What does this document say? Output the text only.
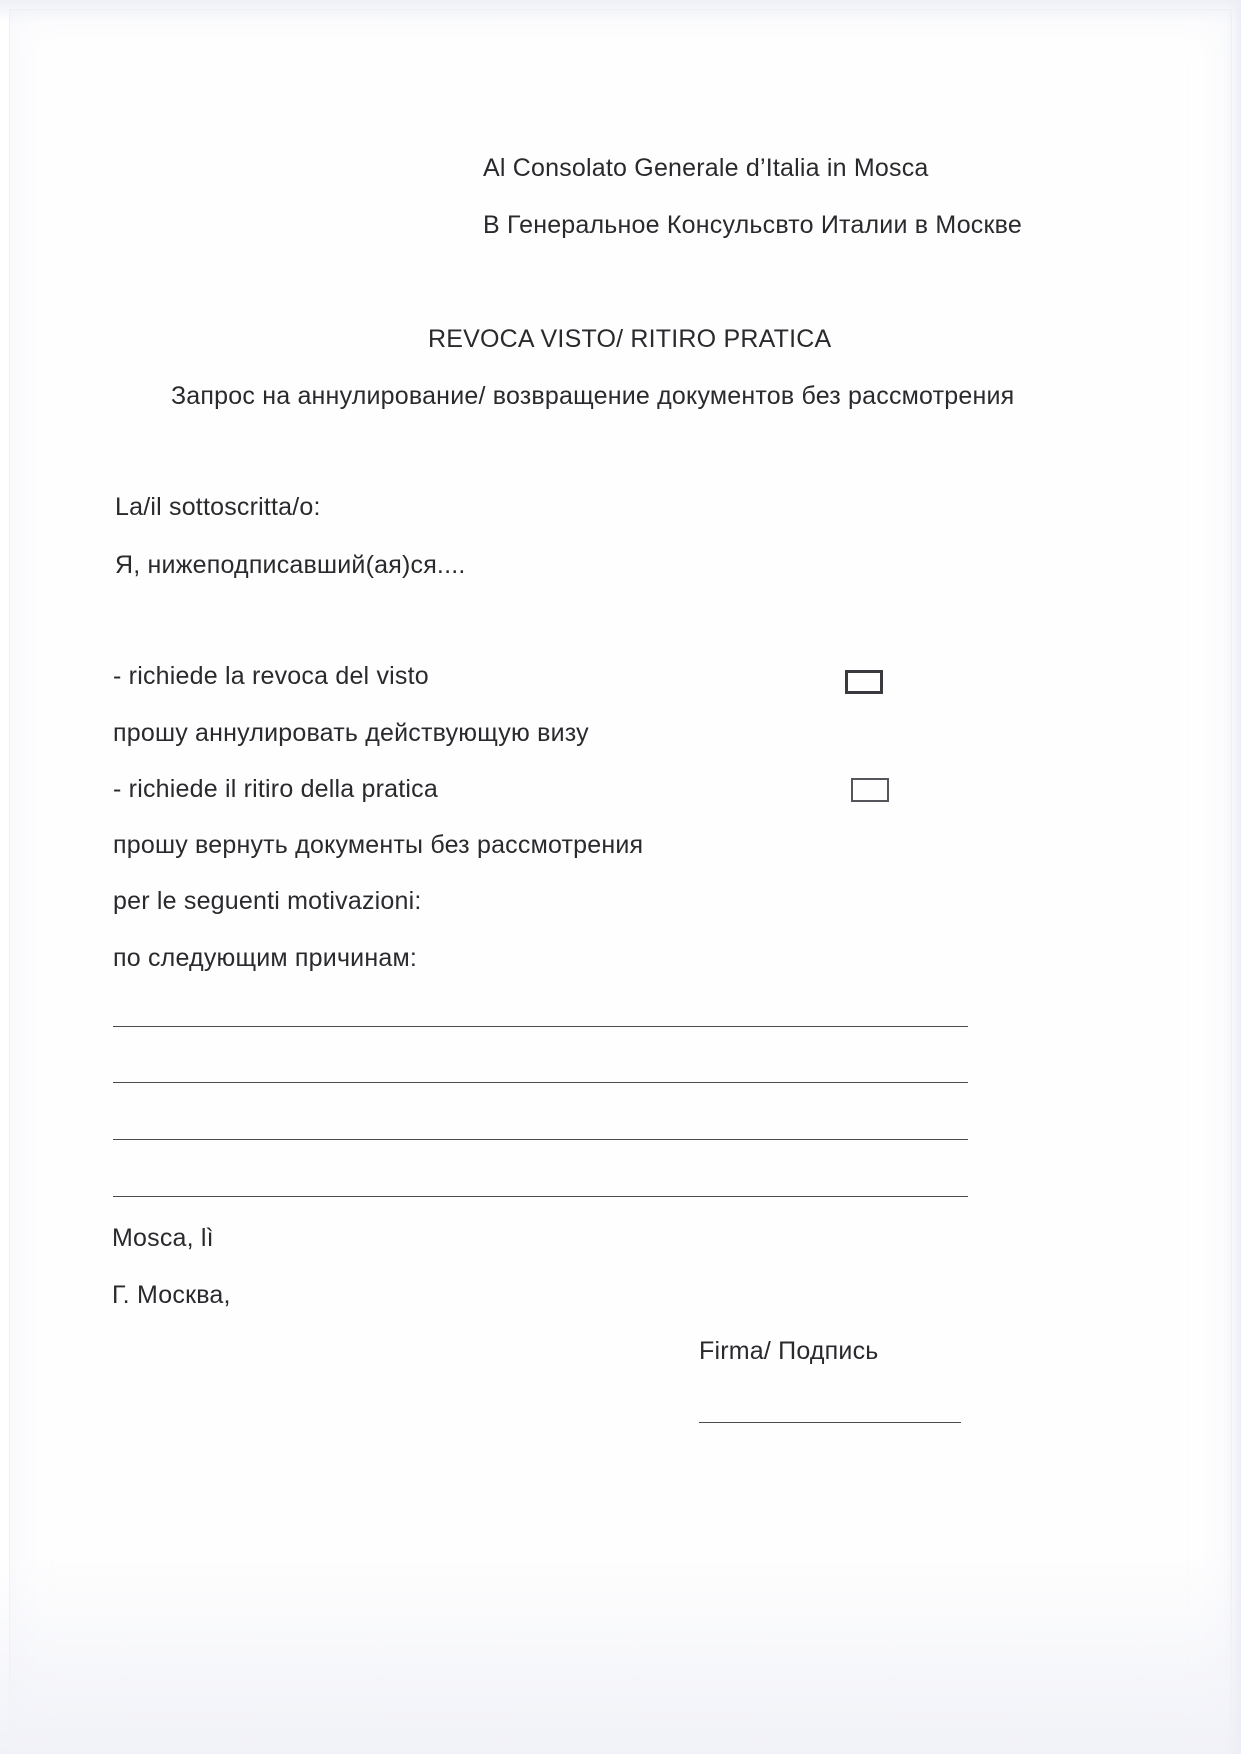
Al Consolato Generale d’Italia in Mosca
В Генеральное Консульсвто Италии в Москве
REVOCA VISTO/ RITIRO PRATICA
Запрос на аннулирование/ возвращение документов без рассмотрения
La/il sottoscritta/o:
Я, нижеподписавший(ая)ся....
- richiede la revoca del visto
прошу аннулировать действующую визу
- richiede il ritiro della pratica
прошу вернуть документы без рассмотрения
per le seguenti motivazioni:
по следующим причинам:
Mosca, lì
Г. Москва,
Firma/ Подпись
